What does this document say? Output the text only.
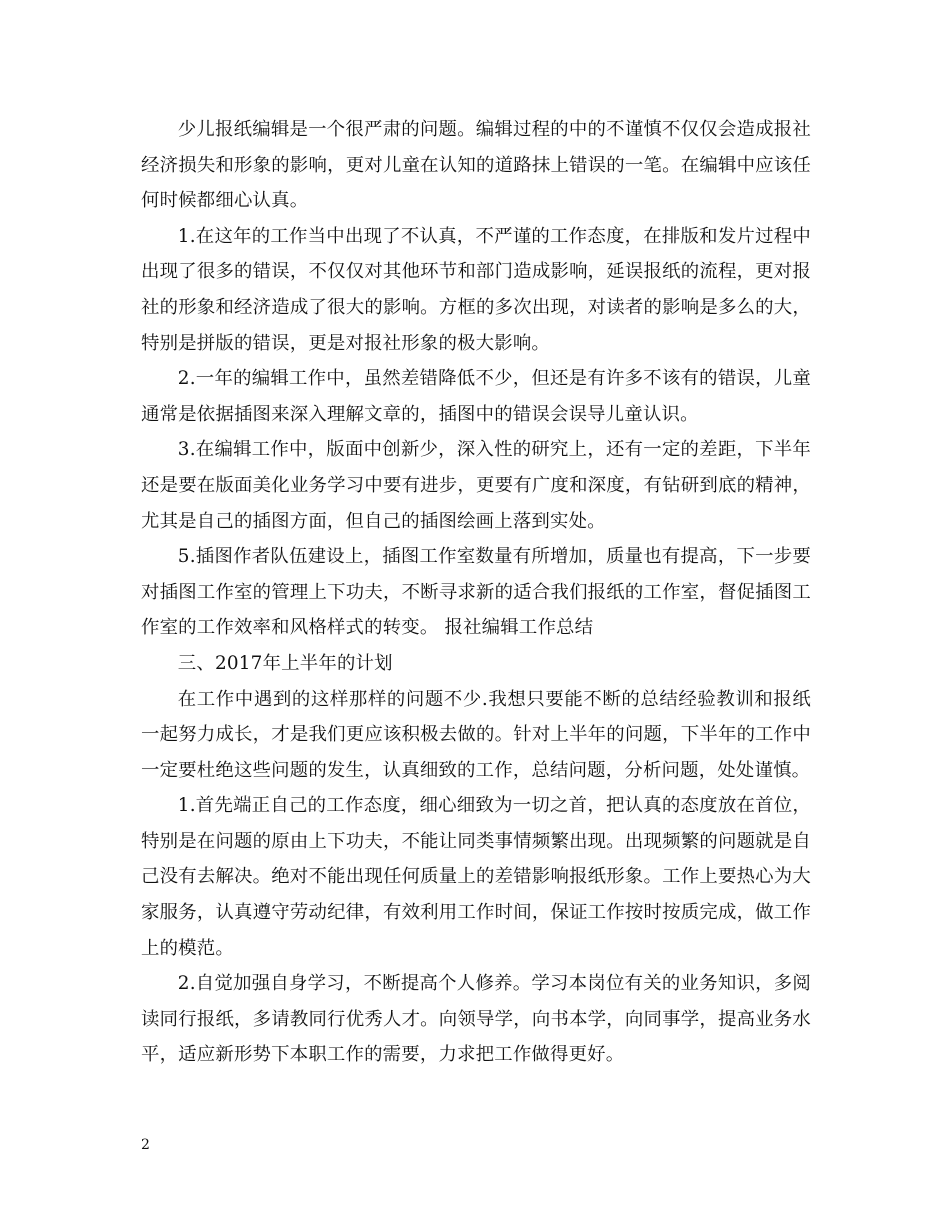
少儿报纸编辑是一个很严肃的问题。编辑过程的中的不谨慎不仅仅会造成报社经济损失和形象的影响，更对儿童在认知的道路抹上错误的一笔。在编辑中应该任何时候都细心认真。

1.在这年的工作当中出现了不认真，不严谨的工作态度，在排版和发片过程中出现了很多的错误，不仅仅对其他环节和部门造成影响，延误报纸的流程，更对报社的形象和经济造成了很大的影响。方框的多次出现，对读者的影响是多么的大，特别是拼版的错误，更是对报社形象的极大影响。

2.一年的编辑工作中，虽然差错降低不少，但还是有许多不该有的错误，儿童通常是依据插图来深入理解文章的，插图中的错误会误导儿童认识。

3.在编辑工作中，版面中创新少，深入性的研究上，还有一定的差距，下半年还是要在版面美化业务学习中要有进步，更要有广度和深度，有钻研到底的精神，尤其是自己的插图方面，但自己的插图绘画上落到实处。

5.插图作者队伍建设上，插图工作室数量有所增加，质量也有提高，下一步要对插图工作室的管理上下功夫，不断寻求新的适合我们报纸的工作室，督促插图工作室的工作效率和风格样式的转变。 报社编辑工作总结

三、2017年上半年的计划

在工作中遇到的这样那样的问题不少.我想只要能不断的总结经验教训和报纸一起努力成长，才是我们更应该积极去做的。针对上半年的问题，下半年的工作中一定要杜绝这些问题的发生，认真细致的工作，总结问题，分析问题，处处谨慎。

1.首先端正自己的工作态度，细心细致为一切之首，把认真的态度放在首位，特别是在问题的原由上下功夫，不能让同类事情频繁出现。出现频繁的问题就是自己没有去解决。绝对不能出现任何质量上的差错影响报纸形象。工作上要热心为大家服务，认真遵守劳动纪律，有效利用工作时间，保证工作按时按质完成，做工作上的模范。

2.自觉加强自身学习，不断提高个人修养。学习本岗位有关的业务知识，多阅读同行报纸，多请教同行优秀人才。向领导学，向书本学，向同事学，提高业务水平，适应新形势下本职工作的需要，力求把工作做得更好。

2
